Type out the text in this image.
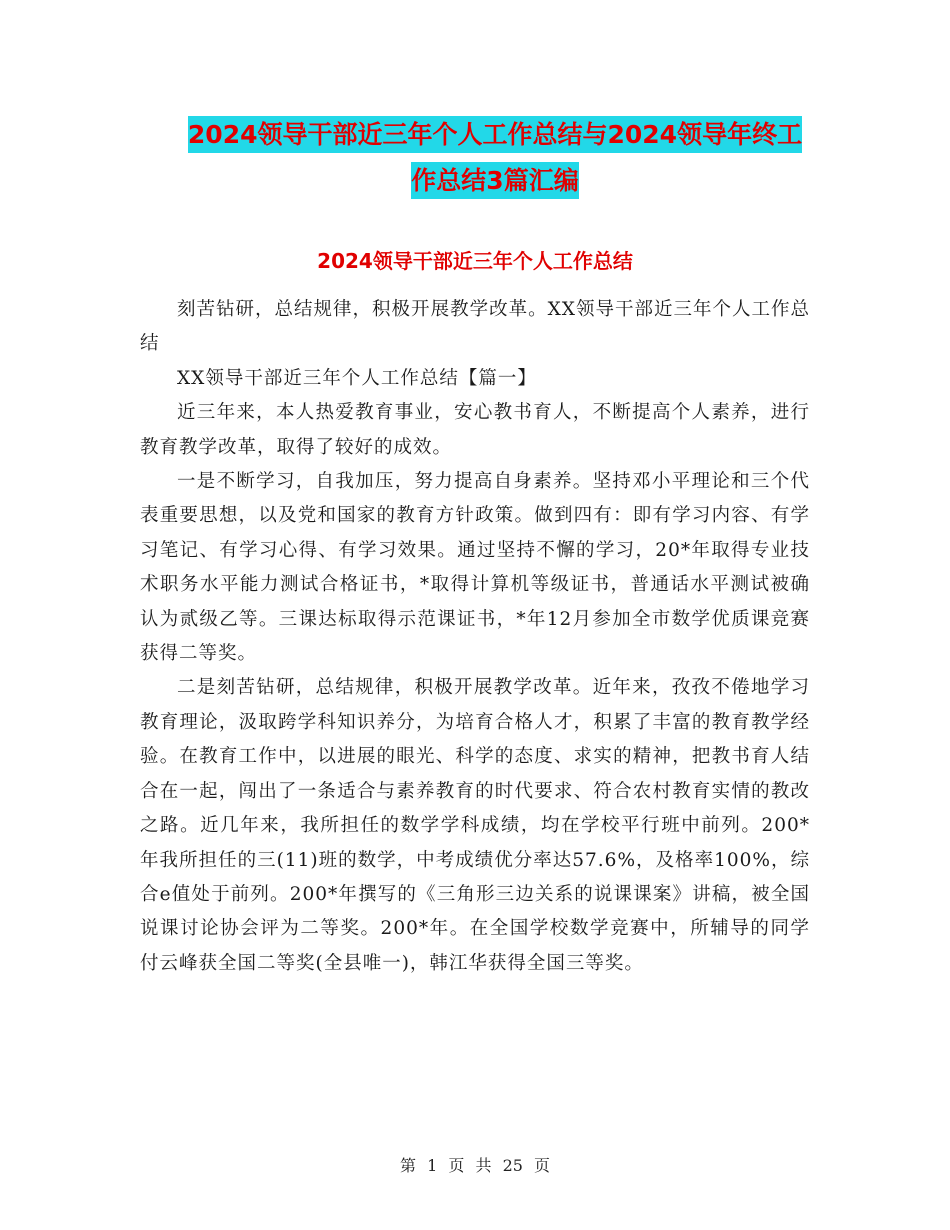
2024领导干部近三年个人工作总结与2024领导年终工
作总结3篇汇编
2024领导干部近三年个人工作总结

刻苦钻研，总结规律，积极开展教学改革。XX领导干部近三年个人工作总结

XX领导干部近三年个人工作总结【篇一】

近三年来，本人热爱教育事业，安心教书育人，不断提高个人素养，进行教育教学改革，取得了较好的成效。

一是不断学习，自我加压，努力提高自身素养。坚持邓小平理论和三个代表重要思想，以及党和国家的教育方针政策。做到四有：即有学习内容、有学习笔记、有学习心得、有学习效果。通过坚持不懈的学习，20*年取得专业技术职务水平能力测试合格证书，*取得计算机等级证书，普通话水平测试被确认为贰级乙等。三课达标取得示范课证书，*年12月参加全市数学优质课竞赛获得二等奖。

二是刻苦钻研，总结规律，积极开展教学改革。近年来，孜孜不倦地学习教育理论，汲取跨学科知识养分，为培育合格人才，积累了丰富的教育教学经验。在教育工作中，以进展的眼光、科学的态度、求实的精神，把教书育人结合在一起，闯出了一条适合与素养教育的时代要求、符合农村教育实情的教改之路。近几年来，我所担任的数学学科成绩，均在学校平行班中前列。200*年我所担任的三(11)班的数学，中考成绩优分率达57.6%，及格率100%，综合e值处于前列。200*年撰写的《三角形三边关系的说课课案》讲稿，被全国说课讨论协会评为二等奖。200*年。在全国学校数学竞赛中，所辅导的同学付云峰获全国二等奖(全县唯一)，韩江华获得全国三等奖。

第 1 页 共 25 页
